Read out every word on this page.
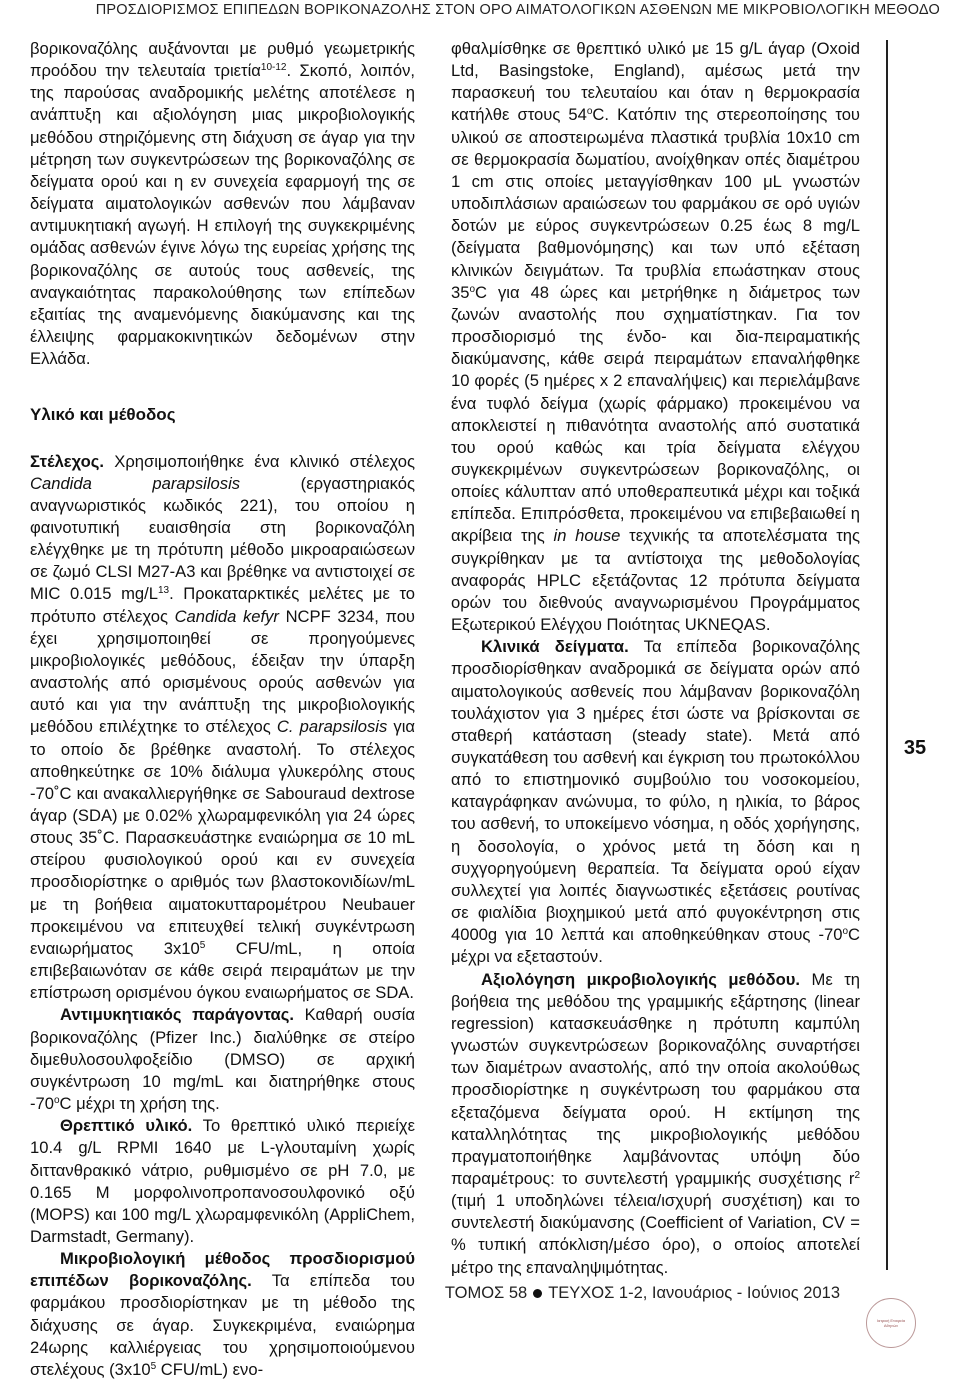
ΠΡΟΣΔΙΟΡΙΣΜΟΣ ΕΠΙΠΕΔΩΝ ΒΟΡΙΚΟΝΑΖΟΛΗΣ ΣΤΟΝ ΟΡΟ ΑΙΜΑΤΟΛΟΓΙΚΩΝ ΑΣΘΕΝΩΝ ΜΕ ΜΙΚΡΟΒΙΟΛΟΓΙΚΗ ΜΕΘΟΔΟ

βορικοναζόλης αυξάνονται με ρυθμό γεωμετρικής προόδου την τελευταία τριετία$^{10-12}$. Σκοπό, λοιπόν, της παρούσας αναδρομικής μελέτης αποτέλεσε η ανάπτυξη και αξιολόγηση μιας μικροβιολογικής μεθόδου στηριζόμενης στη διάχυση σε άγαρ για την μέτρηση των συγκεντρώσεων της βορικοναζόλης σε δείγματα ορού και η εν συνεχεία εφαρμογή της σε δείγματα αιματολογικών ασθενών που λάμβαναν αντιμυκητιακή αγωγή. Η επιλογή της συγκεκριμένης ομάδας ασθενών έγινε λόγω της ευρείας χρήσης της βορικοναζόλης σε αυτούς τους ασθενείς, της αναγκαιότητας παρακολούθησης των επίπεδων εξαιτίας της αναμενόμενης διακύμανσης και της έλλειψης φαρμακοκινητικών δεδομένων στην Ελλάδα.

Υλικό και μέθοδος

Στέλεχος. Χρησιμοποιήθηκε ένα κλινικό στέλεχος Candida parapsilosis (εργαστηριακός αναγνωριστικός κωδικός 221), του οποίου η φαινοτυπική ευαισθησία στη βορικοναζόλη ελέγχθηκε με τη πρότυπη μέθοδο μικροαραιώσεων σε ζωμό CLSI M27-A3 και βρέθηκε να αντιστοιχεί σε MIC 0.015 $mg/L^{13}$. Προκαταρκτικές μελέτες με το πρότυπο στέλεχος Candida kefyr NCPF 3234, που έχει χρησιμοποιηθεί σε προηγούμενες μικροβιολογικές μεθόδους, έδειξαν την ύπαρξη αναστολής από ορισμένους ορούς ασθενών για αυτό και για την ανάπτυξη της μικροβιολογικής μεθόδου επιλέχτηκε το στέλεχος C. parapsilosis για το οποίο δε βρέθηκε αναστολή. Το στέλεχος αποθηκεύτηκε σε 10% διάλυμα γλυκερόλης στους -70˚C και ανακαλλιεργήθηκε σε Sabouraud dextrose άγαρ (SDA) με 0.02% χλωραμφενικόλη για 24 ώρες στους 35˚C. Παρασκευάστηκε εναιώρημα σε 10 mL στείρου φυσιολογικού ορού και εν συνεχεία προσδιορίστηκε ο αριθμός των βλαστοκονιδίων/mL με τη βοήθεια αιματοκυτταρομέτρου Neubauer προκειμένου να επιτευχθεί τελική συγκέντρωση εναιωρήματος $3x10^5$ CFU/mL, η οποία επιβεβαιωνόταν σε κάθε σειρά πειραμάτων με την επίστρωση ορισμένου όγκου εναιωρήματος σε SDA.

Αντιμυκητιακός παράγοντας. Καθαρή ουσία βορικοναζόλης (Pfizer Inc.) διαλύθηκε σε στείρο διμεθυλοσουλφοξείδιο (DMSO) σε αρχική συγκέντρωση 10 mg/mL και διατηρήθηκε στους -70$^o$C μέχρι τη χρήση της.

Θρεπτικό υλικό. Το θρεπτικό υλικό περιείχε 10.4 g/L RPMI 1640 με L-γλουταμίνη χωρίς διττανθρακικό νάτριο, ρυθμισμένο σε pH 7.0, με 0.165 M μορφολινοπροπανοσουλφονικό οξύ (MOPS) και 100 mg/L χλωραμφενικόλη (AppliChem, Darmstadt, Germany).

Μικροβιολογική μέθοδος προσδιορισμού επιπέδων βορικοναζόλης. Τα επίπεδα του φαρμάκου προσδιορίστηκαν με τη μέθοδο της διάχυσης σε άγαρ. Συγκεκριμένα, εναιώρημα 24ωρης καλλιέργειας του χρησιμοποιούμενου στελέχους ($3x10^5$ CFU/mL) ενο-

φθαλμίσθηκε σε θρεπτικό υλικό με 15 g/L άγαρ (Oxoid Ltd, Basingstoke, England), αμέσως μετά την παρασκευή του τελευταίου και όταν η θερμοκρασία κατήλθε στους 54$^o$C. Κατόπιν της στερεοποίησης του υλικού σε αποστειρωμένα πλαστικά τρυβλία 10x10 cm σε θερμοκρασία δωματίου, ανοίχθηκαν οπές διαμέτρου 1 cm στις οποίες μεταγγίσθηκαν 100 μL γνωστών υποδιπλάσιων αραιώσεων του φαρμάκου σε ορό υγιών δοτών με εύρος συγκεντρώσεων 0.25 έως 8 mg/L (δείγματα βαθμονόμησης) και των υπό εξέταση κλινικών δειγμάτων. Τα τρυβλία επωάστηκαν στους 35$^o$C για 48 ώρες και μετρήθηκε η διάμετρος των ζωνών αναστολής που σχηματίστηκαν. Για τον προσδιορισμό της ένδο- και δια-πειραματικής διακύμανσης, κάθε σειρά πειραμάτων επαναλήφθηκε 10 φορές (5 ημέρες x 2 επαναλήψεις) και περιελάμβανε ένα τυφλό δείγμα (χωρίς φάρμακο) προκειμένου να αποκλειστεί η πιθανότητα αναστολής από συστατικά του ορού καθώς και τρία δείγματα ελέγχου συγκεκριμένων συγκεντρώσεων βορικοναζόλης, οι οποίες κάλυπταν από υποθεραπευτικά μέχρι και τοξικά επίπεδα. Επιπρόσθετα, προκειμένου να επιβεβαιωθεί η ακρίβεια της in house τεχνικής τα αποτελέσματα της συγκρίθηκαν με τα αντίστοιχα της μεθοδολογίας αναφοράς HPLC εξετάζοντας 12 πρότυπα δείγματα ορών του διεθνούς αναγνωρισμένου Προγράμματος Εξωτερικού Ελέγχου Ποιότητας UKNEQAS.

Κλινικά δείγματα. Τα επίπεδα βορικοναζόλης προσδιορίσθηκαν αναδρομικά σε δείγματα ορών από αιματολογικούς ασθενείς που λάμβαναν βορικοναζόλη τουλάχιστον για 3 ημέρες έτσι ώστε να βρίσκονται σε σταθερή κατάσταση (steady state). Μετά από συγκατάθεση του ασθενή και έγκριση του πρωτοκόλλου από το επιστημονικό συμβούλιο του νοσοκομείου, καταγράφηκαν ανώνυμα, το φύλο, η ηλικία, το βάρος του ασθενή, το υποκείμενο νόσημα, η οδός χορήγησης, η δοσολογία, ο χρόνος μετά τη δόση και η συχγορηγούμενη θεραπεία. Τα δείγματα ορού είχαν συλλεχτεί για λοιπές διαγνωστικές εξετάσεις ρουτίνας σε φιαλίδια βιοχημικού μετά από φυγοκέντρηση στις 4000g για 10 λεπτά και αποθηκεύθηκαν στους -70$^o$C μέχρι να εξεταστούν.

Αξιολόγηση μικροβιολογικής μεθόδου. Με τη βοήθεια της μεθόδου της γραμμικής εξάρτησης (linear regression) κατασκευάσθηκε η πρότυπη καμπύλη γνωστών συγκεντρώσεων βορικοναζόλης συναρτήσει των διαμέτρων αναστολής, από την οποία ακολούθως προσδιορίστηκε η συγκέντρωση του φαρμάκου στα εξεταζόμενα δείγματα ορού. Η εκτίμηση της καταλληλότητας της μικροβιολογικής μεθόδου πραγματοποιήθηκε λαμβάνοντας υπόψη δύο παραμέτρους: το συντελεστή γραμμικής συσχέτισης $r^2$ (τιμή 1 υποδηλώνει τέλεια/ισχυρή συσχέτιση) και το συντελεστή διακύμανσης (Coefficient of Variation, CV = % τυπική απόκλιση/μέσο όρο), ο οποίος αποτελεί μέτρο της επαναληψιμότητας.

35
ΤΟΜΟΣ 58 ΤΕΥΧΟΣ 1-2, Ιανουάριος - Ιούνιος 2013
Ιατρική Εταιρεία Αθηνών
